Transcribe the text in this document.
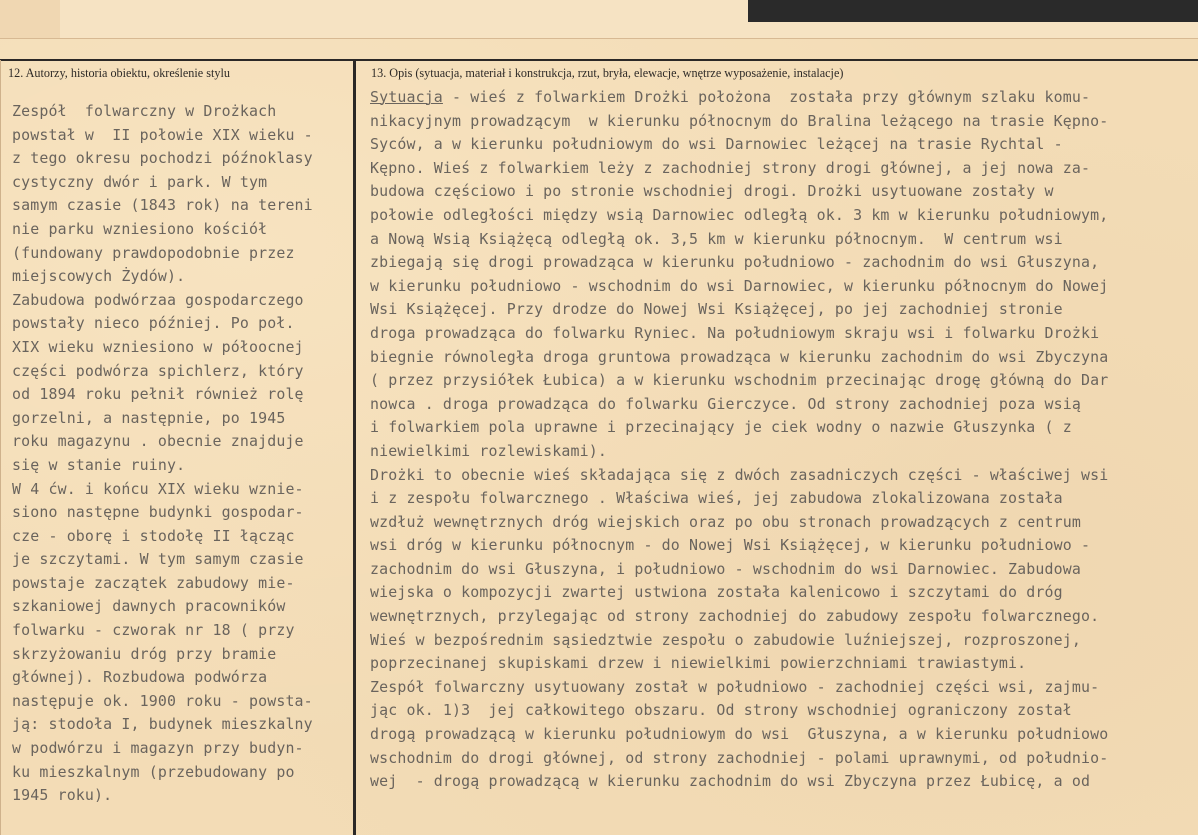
12. Autorzy, historia obiektu, określenie stylu	13. Opis (sytuacja, materiał i konstrukcja, rzut, bryła, elewacje, wnętrze wyposażenie, instalacje)
Zespół  folwarczny w Drożkach
powstał w  II połowie XIX wieku -
z tego okresu pochodzi późnoklasy
cystyczny dwór i park. W tym
samym czasie (1843 rok) na tereni
nie parku wzniesiono kościół
(fundowany prawdopodobnie przez
miejscowych Żydów).
Zabudowa podwórzaa gospodarczego
powstały nieco później. Po poł.
XIX wieku wzniesiono w półoocnej
części podwórza spichlerz, który
od 1894 roku pełnił również rolę
gorzelni, a następnie, po 1945
roku magazynu . obecnie znajduje
się w stanie ruiny.
W 4 ćw. i końcu XIX wieku wznie-
siono następne budynki gospodar-
cze - oborę i stodołę II łącząc
je szczytami. W tym samym czasie
powstaje zaczątek zabudowy mie-
szkaniowej dawnych pracowników
folwarku - czworak nr 18 ( przy
skrzyżowaniu dróg przy bramie
głównej). Rozbudowa podwórza
następuje ok. 1900 roku - powsta-
ją: stodoła I, budynek mieszkalny
w podwórzu i magazyn przy budyn-
ku mieszkalnym (przebudowany po
1945 roku).
Sytuacja - wieś z folwarkiem Drożki położona  została przy głównym szlaku komu-
nikacyjnym prowadzącym  w kierunku północnym do Bralina leżącego na trasie Kępno-
Syców, a w kierunku południowym do wsi Darnowiec leżącej na trasie Rychtal -
Kępno. Wieś z folwarkiem leży z zachodniej strony drogi głównej, a jej nowa za-
budowa częściowo i po stronie wschodniej drogi. Drożki usytuowane zostały w
połowie odległości między wsią Darnowiec odległą ok. 3 km w kierunku południowym,
a Nową Wsią Książęcą odległą ok. 3,5 km w kierunku północnym.  W centrum wsi
zbiegają się drogi prowadząca w kierunku południowo - zachodnim do wsi Głuszyna,
w kierunku południowo - wschodnim do wsi Darnowiec, w kierunku północnym do Nowej
Wsi Książęcej. Przy drodze do Nowej Wsi Książęcej, po jej zachodniej stronie
droga prowadząca do folwarku Ryniec. Na południowym skraju wsi i folwarku Drożki
biegnie równoległa droga gruntowa prowadząca w kierunku zachodnim do wsi Zbyczyna
( przez przysiółek Łubica) a w kierunku wschodnim przecinając drogę główną do Dar
nowca . droga prowadząca do folwarku Gierczyce. Od strony zachodniej poza wsią
i folwarkiem pola uprawne i przecinający je ciek wodny o nazwie Głuszynka ( z
niewielkimi rozlewiskami).
Drożki to obecnie wieś składająca się z dwóch zasadniczych części - właściwej wsi
i z zespołu folwarcznego . Właściwa wieś, jej zabudowa zlokalizowana została
wzdłuż wewnętrznych dróg wiejskich oraz po obu stronach prowadzących z centrum
wsi dróg w kierunku północnym - do Nowej Wsi Książęcej, w kierunku południowo -
zachodnim do wsi Głuszyna, i południowo - wschodnim do wsi Darnowiec. Zabudowa
wiejska o kompozycji zwartej ustwiona została kalenicowo i szczytami do dróg
wewnętrznych, przylegając od strony zachodniej do zabudowy zespołu folwarcznego.
Wieś w bezpośrednim sąsiedztwie zespołu o zabudowie luźniejszej, rozproszonej,
poprzecinanej skupiskami drzew i niewielkimi powierzchniami trawiastymi.
Zespół folwarczny usytuowany został w południowo - zachodniej części wsi, zajmu-
jąc ok. 1)3  jej całkowitego obszaru. Od strony wschodniej ograniczony został
drogą prowadzącą w kierunku południowym do wsi  Głuszyna, a w kierunku południowo
wschodnim do drogi głównej, od strony zachodniej - polami uprawnymi, od południo-
wej  - drogą prowadzącą w kierunku zachodnim do wsi Zbyczyna przez Łubicę, a od
